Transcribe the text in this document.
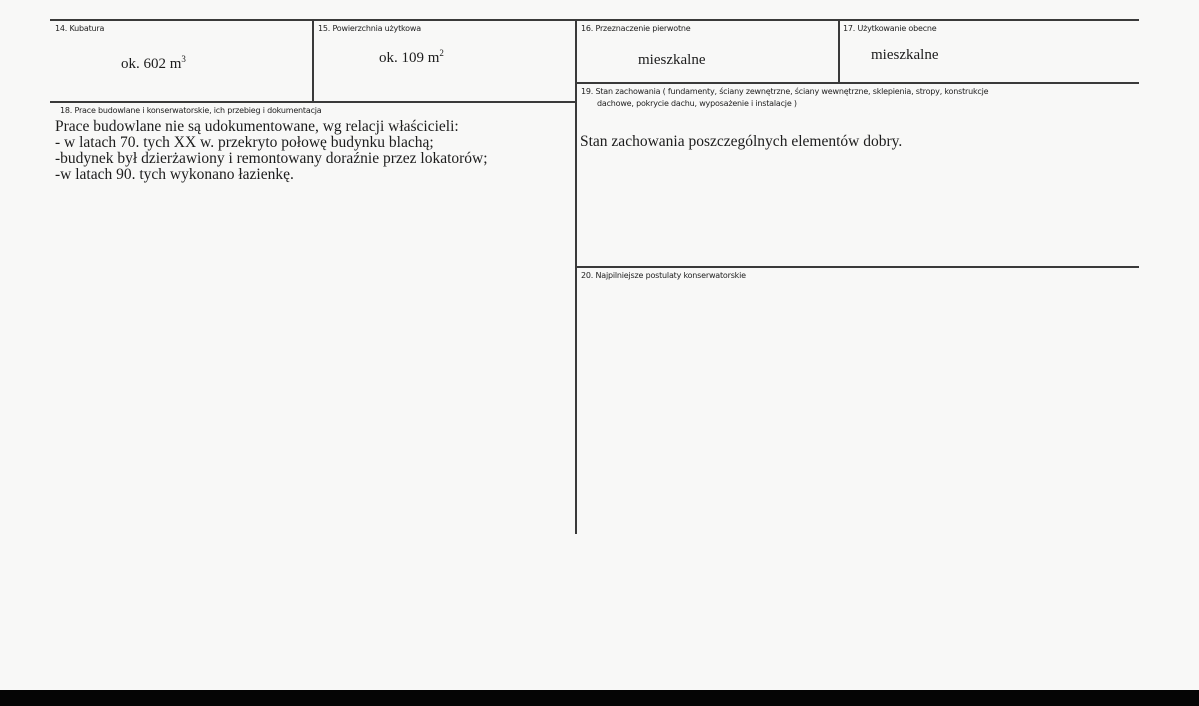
14. Kubatura
ok. 602 $m^3$
15. Powierzchnia użytkowa
ok. 109 $m^2$
16. Przeznaczenie pierwotne
mieszkalne
17. Użytkowanie obecne
mieszkalne
18. Prace budowlane i konserwatorskie, ich przebieg i dokumentacja
Prace budowlane nie są udokumentowane, wg relacji właścicieli:
- w latach 70. tych XX w. przekryto połowę budynku blachą;
-budynek był dzierżawiony i remontowany doraźnie przez lokatorów;
-w latach 90. tych wykonano łazienkę.
19. Stan zachowania ( fundamenty, ściany zewnętrzne, ściany wewnętrzne, sklepienia, stropy, konstrukcje
dachowe, pokrycie dachu, wyposażenie i instalacje )
Stan zachowania poszczególnych elementów dobry.
20. Najpilniejsze postulaty konserwatorskie
